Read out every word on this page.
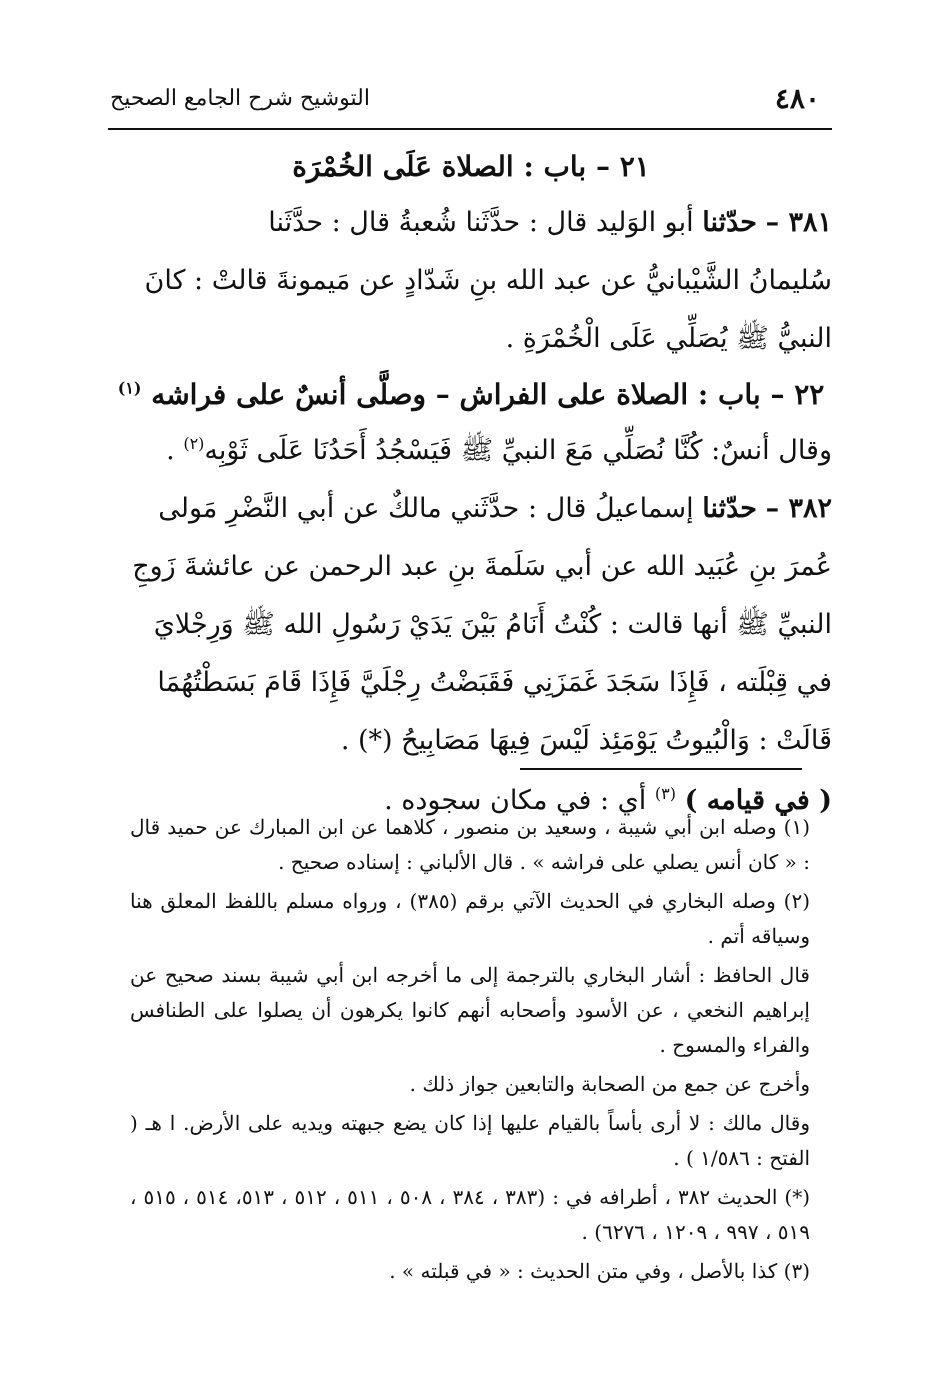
٤٨٠
التوشيح شرح الجامع الصحيح
٢١ – باب : الصلاة عَلَى الخُمْرَة
٣٨١ – حدّثنا أبو الوَليد قال : حدَّثَنا شُعبةُ قال : حدَّثَنا
سُليمانُ الشَّيْبانيُّ عن عبد الله بنِ شَدّادٍ عن مَيمونةَ قالتْ : كانَ
النبيُّ ﷺ يُصَلِّي عَلَى الْخُمْرَةِ .
٢٢ – باب : الصلاة على الفراش – وصلَّى أنسٌ على فراشه $^{(١)}$
وقال أنسٌ: كُنَّا نُصَلِّي مَعَ النبيِّ ﷺ فَيَسْجُدُ أَحَدُنَا عَلَى ثَوْبِه$^{(٢)}$ .
٣٨٢ – حدّثنا إسماعيلُ قال : حدَّثَني مالكٌ عن أبي النَّضْرِ مَولى
عُمرَ بنِ عُبَيد الله عن أبي سَلَمةَ بنِ عبد الرحمن عن عائشةَ زَوجِ
النبيِّ ﷺ أنها قالت : كُنْتُ أَنَامُ بَيْنَ يَدَيْ رَسُولِ الله ﷺ وَرِجْلايَ
في قِبْلَته ، فَإِذَا سَجَدَ غَمَزَنِي فَقَبَضْتُ رِجْلَيَّ فَإِذَا قَامَ بَسَطْتُهُمَا
قَالَتْ : وَالْبُيوتُ يَوْمَئِذ لَيْسَ فِيهَا مَصَابِيحُ (*) .
( في قيامه ) $^{(٣)}$ أي : في مكان سجوده .

(١) وصله ابن أبي شيبة ، وسعيد بن منصور ، كلاهما عن ابن المبارك عن حميد قال : « كان أنس يصلي على فراشه » . قال الألباني : إسناده صحيح .

(٢) وصله البخاري في الحديث الآتي برقم (٣٨٥) ، ورواه مسلم باللفظ المعلق هنا وسياقه أتم .

قال الحافظ : أشار البخاري بالترجمة إلى ما أخرجه ابن أبي شيبة بسند صحيح عن إبراهيم النخعي ، عن الأسود وأصحابه أنهم كانوا يكرهون أن يصلوا على الطنافس والفراء والمسوح .

وأخرج عن جمع من الصحابة والتابعين جواز ذلك .

وقال مالك : لا أرى بأساً بالقيام عليها إذا كان يضع جبهته ويديه على الأرض. ا هـ ( الفتح : ١/٥٨٦ ) .

(*) الحديث ٣٨٢ ، أطرافه في : (٣٨٣ ، ٣٨٤ ، ٥٠٨ ، ٥١١ ، ٥١٢ ، ٥١٣، ٥١٤ ، ٥١٥ ، ٥١٩ ، ٩٩٧ ، ١٢٠٩ ، ٦٢٧٦) .

(٣) كذا بالأصل ، وفي متن الحديث : « في قبلته » .
